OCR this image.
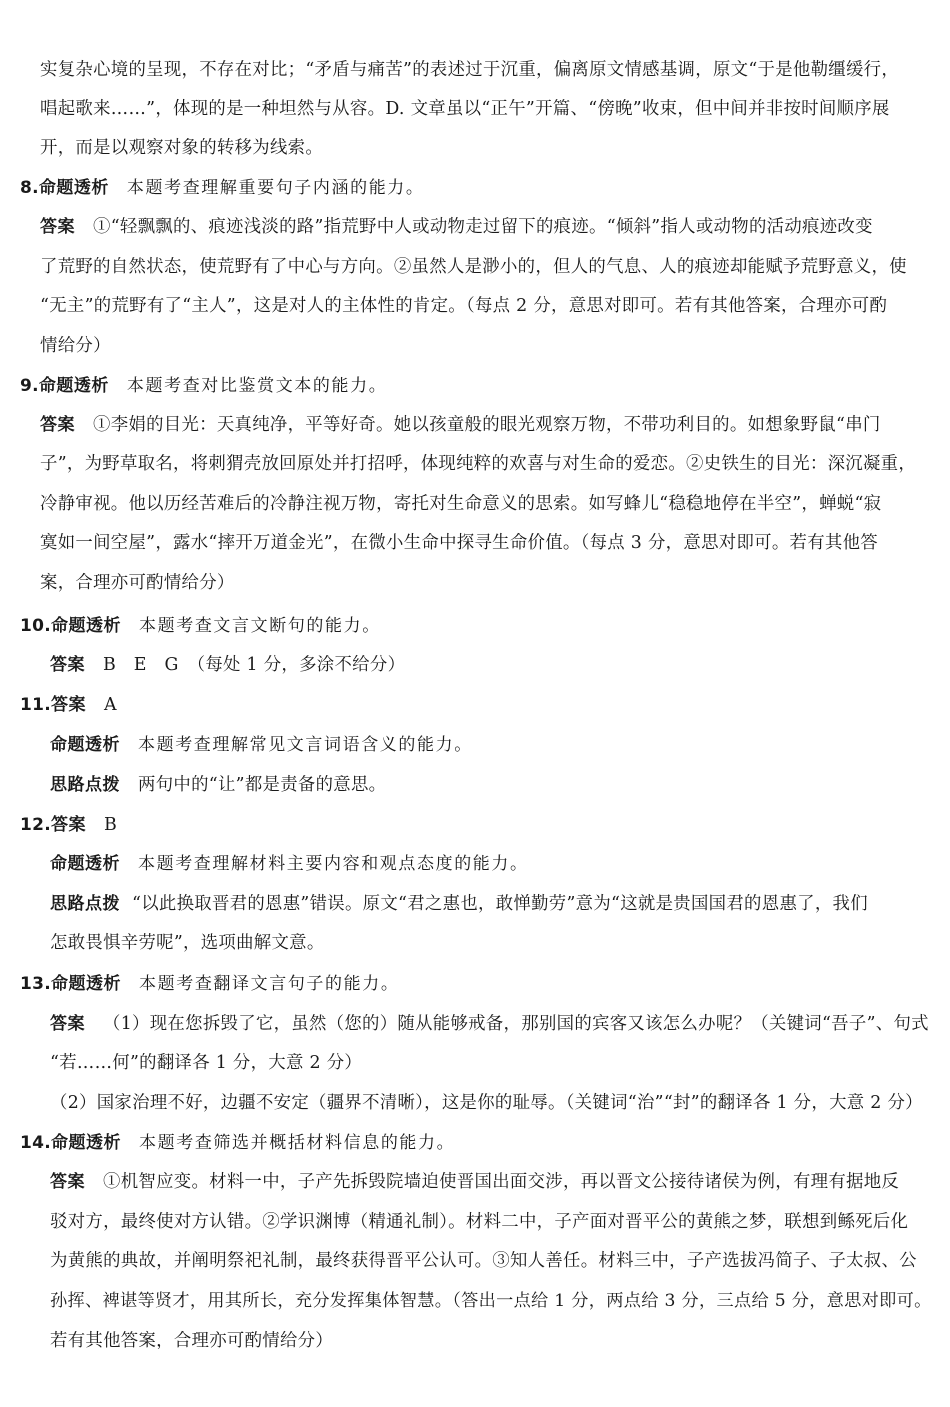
实复杂心境的呈现，不存在对比；“矛盾与痛苦”的表述过于沉重，偏离原文情感基调，原文“于是他勒缰缓行，
唱起歌来……”，体现的是一种坦然与从容。D. 文章虽以“正午”开篇、“傍晚”收束，但中间并非按时间顺序展
开，而是以观察对象的转移为线索。
8.命题透析 本题考查理解重要句子内涵的能力。
答案 ①“轻飘飘的、痕迹浅淡的路”指荒野中人或动物走过留下的痕迹。“倾斜”指人或动物的活动痕迹改变
了荒野的自然状态，使荒野有了中心与方向。②虽然人是渺小的，但人的气息、人的痕迹却能赋予荒野意义，使
“无主”的荒野有了“主人”，这是对人的主体性的肯定。（每点 2 分，意思对即可。若有其他答案，合理亦可酌
情给分）
9.命题透析 本题考查对比鉴赏文本的能力。
答案 ①李娟的目光：天真纯净，平等好奇。她以孩童般的眼光观察万物，不带功利目的。如想象野鼠“串门
子”，为野草取名，将刺猬壳放回原处并打招呼，体现纯粹的欢喜与对生命的爱恋。②史铁生的目光：深沉凝重，
冷静审视。他以历经苦难后的冷静注视万物，寄托对生命意义的思索。如写蜂儿“稳稳地停在半空”，蝉蜕“寂
寞如一间空屋”，露水“摔开万道金光”，在微小生命中探寻生命价值。（每点 3 分，意思对即可。若有其他答
案，合理亦可酌情给分）
10.命题透析 本题考查文言文断句的能力。
答案 B　E　G　（每处 1 分，多涂不给分）
11.答案 A
命题透析 本题考查理解常见文言词语含义的能力。
思路点拨 两句中的“让”都是责备的意思。
12.答案 B
命题透析 本题考查理解材料主要内容和观点态度的能力。
思路点拨 “以此换取晋君的恩惠”错误。原文“君之惠也，敢惮勤劳”意为“这就是贵国国君的恩惠了，我们
怎敢畏惧辛劳呢”，选项曲解文意。
13.命题透析 本题考查翻译文言句子的能力。
答案 （1）现在您拆毁了它，虽然（您的）随从能够戒备，那别国的宾客又该怎么办呢？（关键词“吾子”、句式
“若……何”的翻译各 1 分，大意 2 分）
（2）国家治理不好，边疆不安定（疆界不清晰），这是你的耻辱。（关键词“治”“封”的翻译各 1 分，大意 2 分）
14.命题透析 本题考查筛选并概括材料信息的能力。
答案 ①机智应变。材料一中，子产先拆毁院墙迫使晋国出面交涉，再以晋文公接待诸侯为例，有理有据地反
驳对方，最终使对方认错。②学识渊博（精通礼制）。材料二中，子产面对晋平公的黄熊之梦，联想到鲧死后化
为黄熊的典故，并阐明祭祀礼制，最终获得晋平公认可。③知人善任。材料三中，子产选拔冯简子、子太叔、公
孙挥、裨谌等贤才，用其所长，充分发挥集体智慧。（答出一点给 1 分，两点给 3 分，三点给 5 分，意思对即可。
若有其他答案，合理亦可酌情给分）
